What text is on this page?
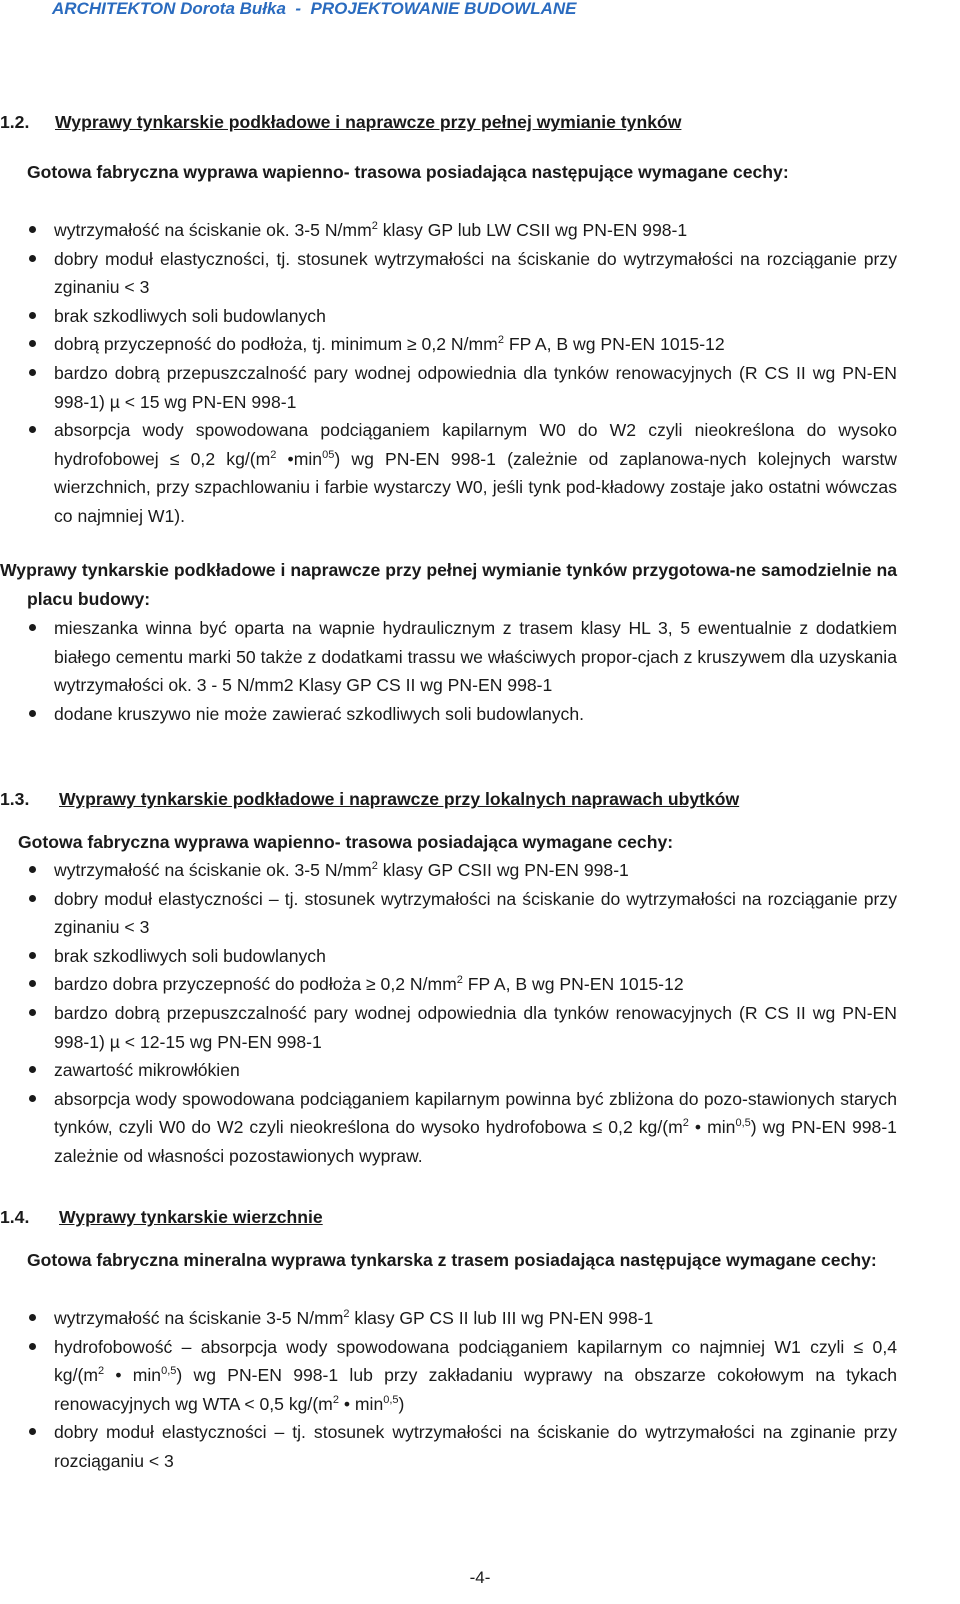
ARCHITEKTON Dorota Bułka  -  PROJEKTOWANIE BUDOWLANE
1.2. Wyprawy tynkarskie podkładowe i naprawcze przy pełnej wymianie tynków
Gotowa fabryczna wyprawa wapienno- trasowa posiadająca następujące wymagane cechy:
wytrzymałość na ściskanie ok. 3-5 $N/mm^2$ klasy GP lub LW CSII wg PN-EN 998-1
dobry moduł elastyczności, tj. stosunek wytrzymałości na ściskanie do wytrzymałości na rozciąganie przy zginaniu < 3
brak szkodliwych soli budowlanych
dobrą przyczepność do podłoża, tj. minimum ≥ 0,2 $N/mm^2$ FP A, B wg PN-EN 1015-12
bardzo dobrą przepuszczalność pary wodnej odpowiednia dla tynków renowacyjnych (R CS II wg PN-EN 998-1) µ < 15 wg PN-EN 998-1
absorpcja wody spowodowana podciąganiem kapilarnym W0 do W2 czyli nieokreślona do wysoko hydrofobowej ≤ 0,2 $kg/(m^2$ $•\min^{05}$) wg PN-EN 998-1 (zależnie od zaplanowa-nych kolejnych warstw wierzchnich, przy szpachlowaniu i farbie wystarczy W0, jeśli tynk pod-kładowy zostaje jako ostatni wówczas co najmniej W1).
Wyprawy tynkarskie podkładowe i naprawcze przy pełnej wymianie tynków przygotowa-ne samodzielnie na placu budowy:
mieszanka winna być oparta na wapnie hydraulicznym z trasem klasy HL 3, 5 ewentualnie z dodatkiem białego cementu marki 50 także z dodatkami trassu we właściwych propor-cjach z kruszywem dla uzyskania wytrzymałości ok. 3 - 5 N/mm2 Klasy GP CS II wg PN-EN 998-1
dodane kruszywo nie może zawierać szkodliwych soli budowlanych.
1.3. Wyprawy tynkarskie podkładowe i naprawcze przy lokalnych naprawach ubytków
Gotowa fabryczna wyprawa wapienno- trasowa posiadająca wymagane cechy:
wytrzymałość na ściskanie ok. 3-5 $N/mm^2$ klasy GP CSII wg PN-EN 998-1
dobry moduł elastyczności – tj. stosunek wytrzymałości na ściskanie do wytrzymałości na rozciąganie przy zginaniu < 3
brak szkodliwych soli budowlanych
bardzo dobra przyczepność do podłoża ≥ 0,2 $N/mm^2$ FP A, B wg PN-EN 1015-12
bardzo dobrą przepuszczalność pary wodnej odpowiednia dla tynków renowacyjnych (R CS II wg PN-EN 998-1) µ < 12-15 wg PN-EN 998-1
zawartość mikrowłókien
absorpcja wody spowodowana podciąganiem kapilarnym powinna być zbliżona do pozo-stawionych starych tynków, czyli W0 do W2 czyli nieokreślona do wysoko hydrofobowa ≤ 0,2 $kg/(m^2$ • $\min^{0,5}$) wg PN-EN 998-1 zależnie od własności pozostawionych wypraw.
1.4. Wyprawy tynkarskie wierzchnie
Gotowa fabryczna mineralna wyprawa tynkarska z trasem posiadająca następujące wymagane cechy:
wytrzymałość na ściskanie 3-5 $N/mm^2$ klasy GP CS II lub III wg PN-EN 998-1
hydrofobowość – absorpcja wody spowodowana podciąganiem kapilarnym co najmniej W1 czyli ≤ 0,4 $kg/(m^2$ • $\min^{0,5}$) wg PN-EN 998-1 lub przy zakładaniu wyprawy na obszarze cokołowym na tykach renowacyjnych wg WTA < 0,5 $kg/(m^2$ • $\min^{0,5}$)
dobry moduł elastyczności – tj. stosunek wytrzymałości na ściskanie do wytrzymałości na zginanie przy rozciąganiu < 3
-4-
